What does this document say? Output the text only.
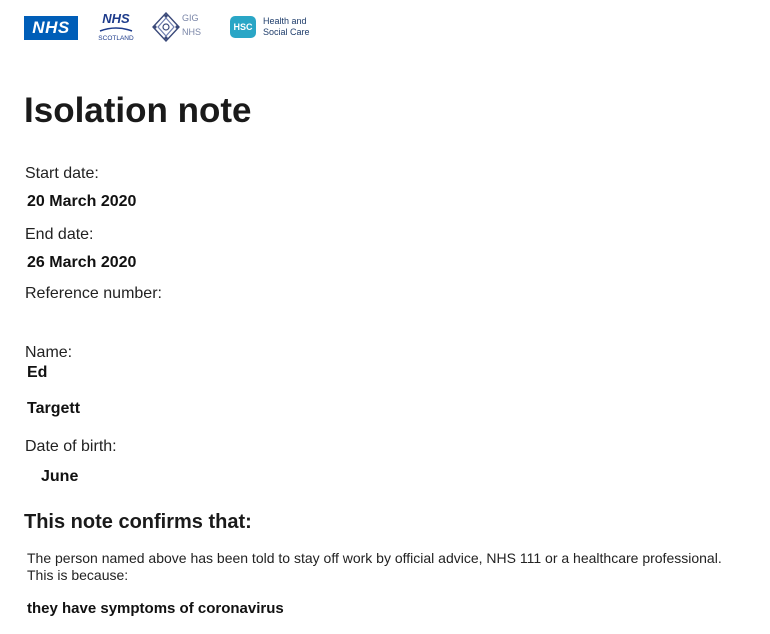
NHS	NHS
SCOTLAND
GIG
NHS	HSC
Health and
Social Care
Isolation note
Start date:
20 March 2020
End date:
26 March 2020
Reference number:
Name:
Ed
Targett
Date of birth:
June
This note confirms that:

The person named above has been told to stay off work by official advice, NHS 111 or a healthcare professional. This is because:

they have symptoms of coronavirus
